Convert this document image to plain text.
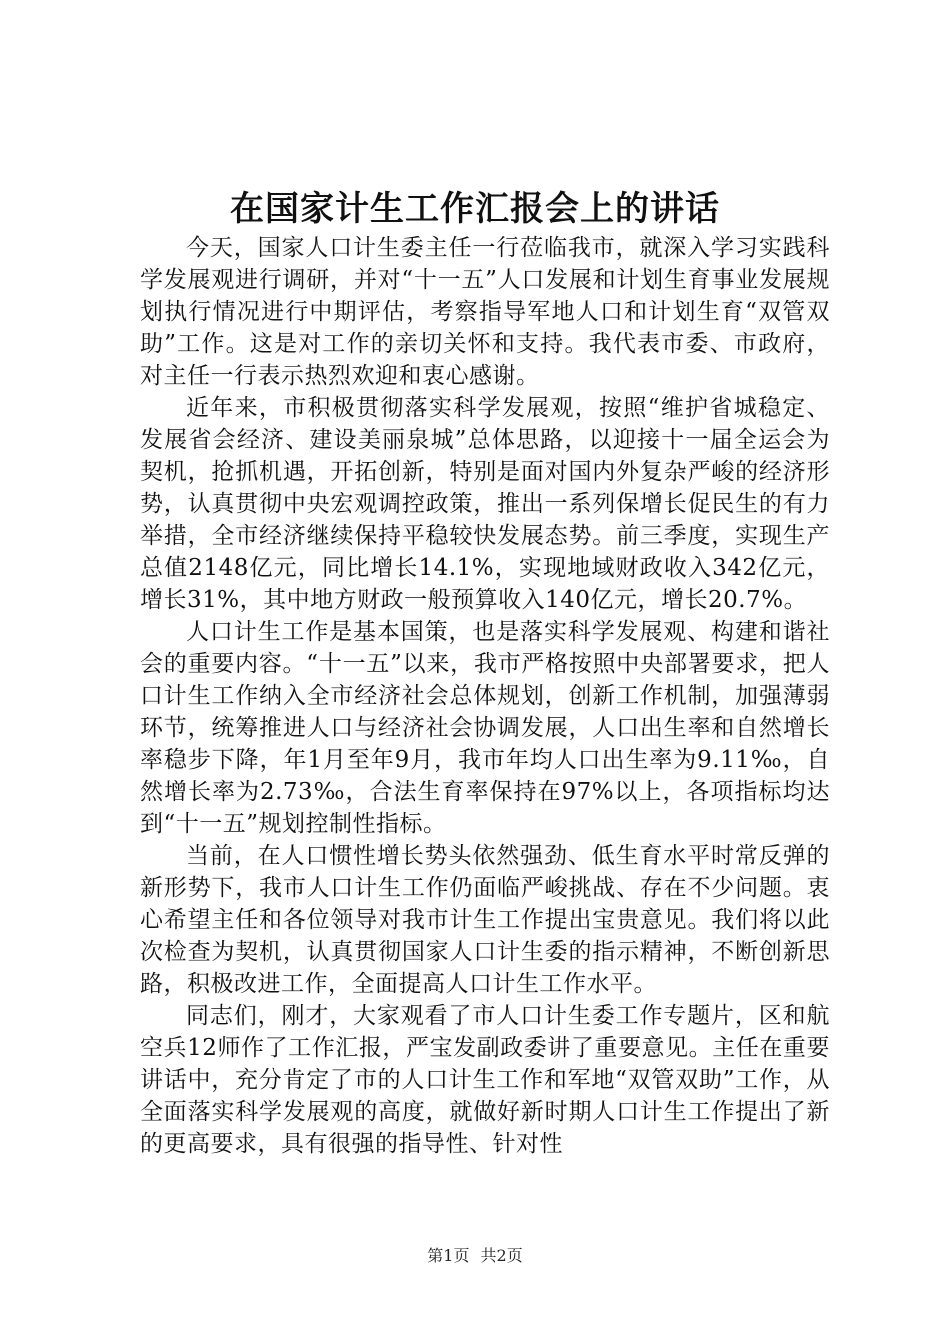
在国家计生工作汇报会上的讲话

今天，国家人口计生委主任一行莅临我市，就深入学习实践科学发展观进行调研，并对“十一五”人口发展和计划生育事业发展规划执行情况进行中期评估，考察指导军地人口和计划生育“双管双助”工作。这是对工作的亲切关怀和支持。我代表市委、市政府，对主任一行表示热烈欢迎和衷心感谢。

近年来，市积极贯彻落实科学发展观，按照“维护省城稳定、发展省会经济、建设美丽泉城”总体思路，以迎接十一届全运会为契机，抢抓机遇，开拓创新，特别是面对国内外复杂严峻的经济形势，认真贯彻中央宏观调控政策，推出一系列保增长促民生的有力举措，全市经济继续保持平稳较快发展态势。前三季度，实现生产总值2148亿元，同比增长14.1%，实现地域财政收入342亿元，增长31%，其中地方财政一般预算收入140亿元，增长20.7%。

人口计生工作是基本国策，也是落实科学发展观、构建和谐社会的重要内容。“十一五”以来，我市严格按照中央部署要求，把人口计生工作纳入全市经济社会总体规划，创新工作机制，加强薄弱环节，统筹推进人口与经济社会协调发展，人口出生率和自然增长率稳步下降，年1月至年9月，我市年均人口出生率为9.11‰，自然增长率为2.73‰，合法生育率保持在97%以上，各项指标均达到“十一五”规划控制性指标。

当前，在人口惯性增长势头依然强劲、低生育水平时常反弹的新形势下，我市人口计生工作仍面临严峻挑战、存在不少问题。衷心希望主任和各位领导对我市计生工作提出宝贵意见。我们将以此次检查为契机，认真贯彻国家人口计生委的指示精神，不断创新思路，积极改进工作，全面提高人口计生工作水平。

同志们，刚才，大家观看了市人口计生委工作专题片，区和航空兵12师作了工作汇报，严宝发副政委讲了重要意见。主任在重要讲话中，充分肯定了市的人口计生工作和军地“双管双助”工作，从全面落实科学发展观的高度，就做好新时期人口计生工作提出了新的更高要求，具有很强的指导性、针对性

第1页 共2页
